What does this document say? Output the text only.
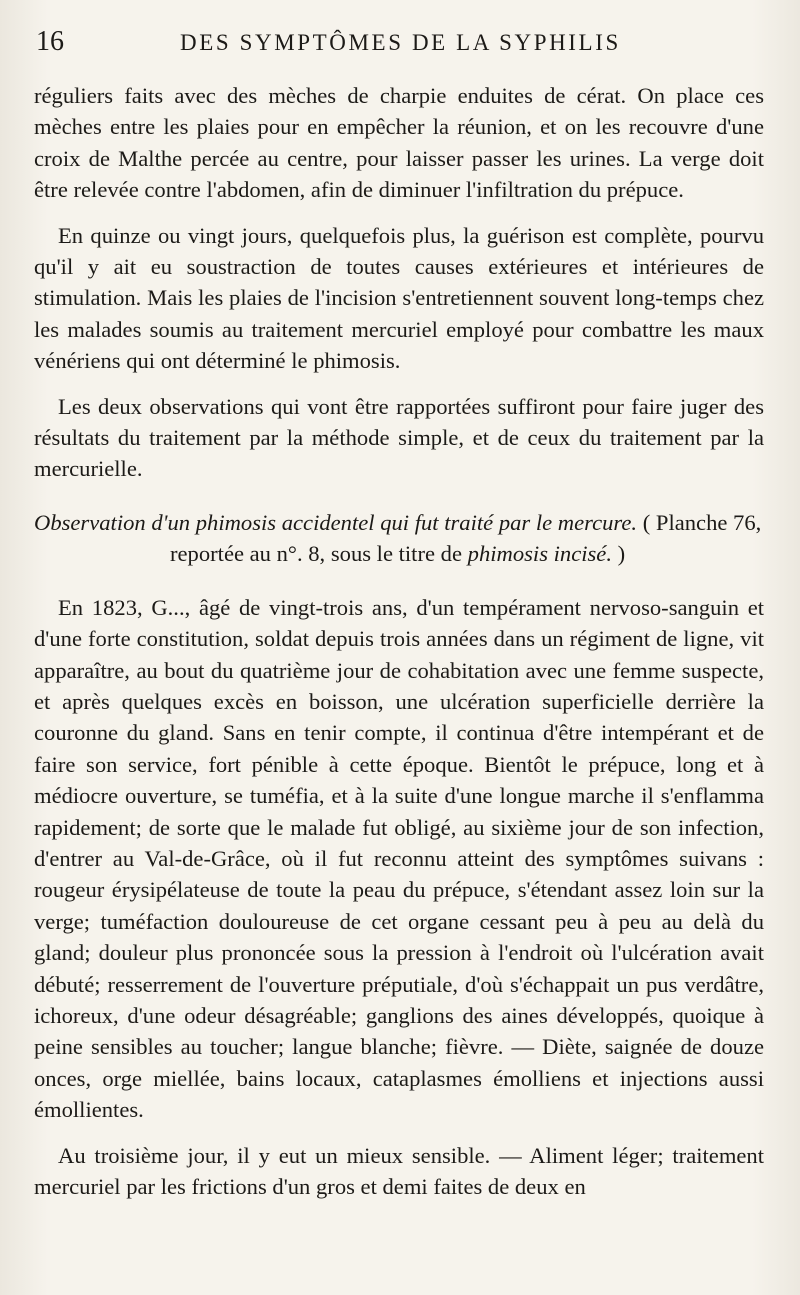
16	DES SYMPTÔMES DE LA SYPHILIS

réguliers faits avec des mèches de charpie enduites de cérat. On place ces mèches entre les plaies pour en empêcher la réunion, et on les recouvre d'une croix de Malthe percée au centre, pour laisser passer les urines. La verge doit être relevée contre l'abdomen, afin de diminuer l'infiltration du prépuce.

En quinze ou vingt jours, quelquefois plus, la guérison est complète, pourvu qu'il y ait eu soustraction de toutes causes extérieures et intérieures de stimulation. Mais les plaies de l'incision s'entretiennent souvent long-temps chez les malades soumis au traitement mercuriel employé pour combattre les maux vénériens qui ont déterminé le phimosis.

Les deux observations qui vont être rapportées suffiront pour faire juger des résultats du traitement par la méthode simple, et de ceux du traitement par la mercurielle.

Observation d'un phimosis accidentel qui fut traité par le mercure. ( Planche 76,
reportée au n°. 8, sous le titre de phimosis incisé. )

En 1823, G..., âgé de vingt-trois ans, d'un tempérament nervoso-sanguin et d'une forte constitution, soldat depuis trois années dans un régiment de ligne, vit apparaître, au bout du quatrième jour de cohabitation avec une femme suspecte, et après quelques excès en boisson, une ulcération superficielle derrière la couronne du gland. Sans en tenir compte, il continua d'être intempérant et de faire son service, fort pénible à cette époque. Bientôt le prépuce, long et à médiocre ouverture, se tuméfia, et à la suite d'une longue marche il s'enflamma rapidement; de sorte que le malade fut obligé, au sixième jour de son infection, d'entrer au Val-de-Grâce, où il fut reconnu atteint des symptômes suivans : rougeur érysipélateuse de toute la peau du prépuce, s'étendant assez loin sur la verge; tuméfaction douloureuse de cet organe cessant peu à peu au delà du gland; douleur plus prononcée sous la pression à l'endroit où l'ulcération avait débuté; resserrement de l'ouverture préputiale, d'où s'échappait un pus verdâtre, ichoreux, d'une odeur désagréable; ganglions des aines développés, quoique à peine sensibles au toucher; langue blanche; fièvre. — Diète, saignée de douze onces, orge miellée, bains locaux, cataplasmes émolliens et injections aussi émollientes.

Au troisième jour, il y eut un mieux sensible. — Aliment léger; traitement mercuriel par les frictions d'un gros et demi faites de deux en
